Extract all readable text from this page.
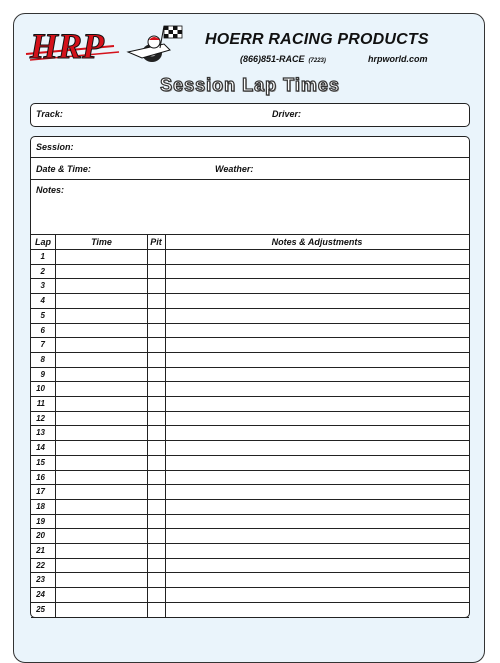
HRP	HOERR RACING PRODUCTS
(866)851-RACE (7223)	hrpworld.com
Session Lap Times
Track:	Driver:
Session:
Date & Time:	Weather:
Notes:
Lap	Time	Pit	Notes & Adjustments
1
2
3
4
5
6
7
8
9
10
11
12
13
14
15
16
17
18
19
20
21
22
23
24
25
